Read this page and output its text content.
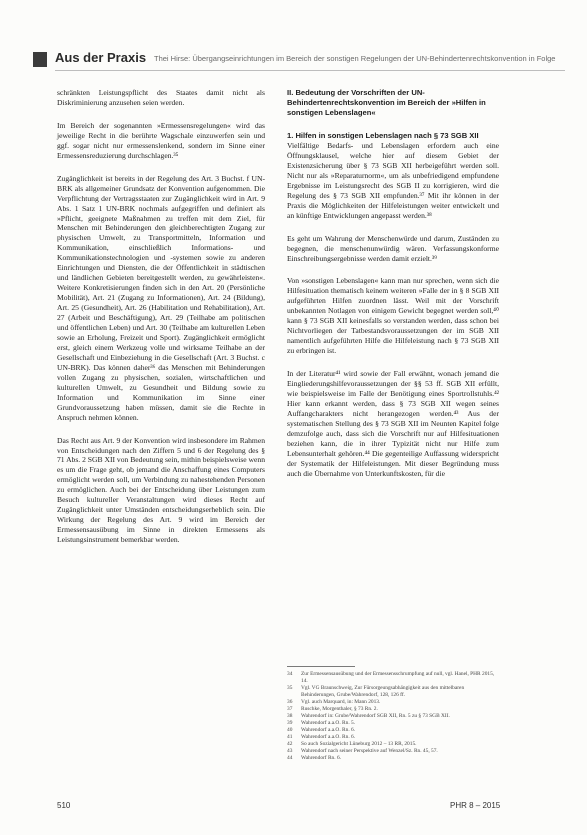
Aus der Praxis Thei Hirse: Übergangseinrichtungen im Bereich der sonstigen Regelungen der UN-Behindertenrechtskonvention in Folge

schränkten Leistungspflicht des Staates damit nicht als Diskriminierung anzusehen seien werden.

Im Bereich der sogenannten »Ermessensregelungen« wird das jeweilige Recht in die berührte Wagschale einzuwerfen sein und ggf. sogar nicht nur ermessenslenkend, sondern im Sinne einer Ermessensreduzierung durchschlagen.³⁵

Zugänglichkeit ist bereits in der Regelung des Art. 3 Buchst. f UN-BRK als allgemeiner Grundsatz der Konvention aufgenommen. Die Verpflichtung der Vertragsstaaten zur Zugänglichkeit wird in Art. 9 Abs. 1 Satz 1 UN-BRK nochmals aufgegriffen und definiert als »Pflicht, geeignete Maßnahmen zu treffen mit dem Ziel, für Menschen mit Behinderungen den gleichberechtigten Zugang zur physischen Umwelt, zu Transportmitteln, Information und Kommunikation, einschließlich Informations- und Kommunikationstechnologien und -systemen sowie zu anderen Einrichtungen und Diensten, die der Öffentlichkeit in städtischen und ländlichen Gebieten bereitgestellt werden, zu gewährleisten«. Weitere Konkretisierungen finden sich in den Art. 20 (Persönliche Mobilität), Art. 21 (Zugang zu Informationen), Art. 24 (Bildung), Art. 25 (Gesundheit), Art. 26 (Habilitation und Rehabilitation), Art. 27 (Arbeit und Beschäftigung), Art. 29 (Teilhabe am politischen und öffentlichen Leben) und Art. 30 (Teilhabe am kulturellen Leben sowie an Erholung, Freizeit und Sport). Zugänglichkeit ermöglicht erst, gleich einem Werkzeug volle und wirksame Teilhabe an der Gesellschaft und Einbeziehung in die Gesellschaft (Art. 3 Buchst. c UN-BRK). Das können daher³⁶ das Menschen mit Behinderungen vollen Zugang zu physischen, sozialen, wirtschaftlichen und kulturellen Umwelt, zu Gesundheit und Bildung sowie zu Information und Kommunikation im Sinne einer Grundvoraussetzung haben müssen, damit sie die Rechte in Anspruch nehmen können.

Das Recht aus Art. 9 der Konvention wird insbesondere im Rahmen von Entscheidungen nach den Ziffern 5 und 6 der Regelung des § 71 Abs. 2 SGB XII von Bedeutung sein, mithin beispielsweise wenn es um die Frage geht, ob jemand die Anschaffung eines Computers ermöglicht werden soll, um Verbindung zu nahestehenden Personen zu ermöglichen. Auch bei der Entscheidung über Leistungen zum Besuch kultureller Veranstaltungen wird dieses Recht auf Zugänglichkeit unter Umständen entscheidungserheblich sein. Die Wirkung der Regelung des Art. 9 wird im Bereich der Ermessensausübung im Sinne in direkten Ermessens als Leistungsinstrument bemerkbar werden.

II. Bedeutung der Vorschriften der UN-Behindertenrechtskonvention im Bereich der »Hilfen in sonstigen Lebenslagen«
1. Hilfen in sonstigen Lebenslagen nach § 73 SGB XII

Vielfältige Bedarfs- und Lebenslagen erfordern auch eine Öffnungsklausel, welche hier auf diesem Gebiet der Existenzsicherung über § 73 SGB XII herbeigeführt werden soll. Nicht nur als »Reparaturnorm«, um als unbefriedigend empfundene Ergebnisse im Leistungsrecht des SGB II zu korrigieren, wird die Regelung des § 73 SGB XII empfunden.³⁷ Mit ihr können in der Praxis die Möglichkeiten der Hilfeleistungen weiter entwickelt und an künftige Entwicklungen angepasst werden.³⁸

Es geht um Wahrung der Menschenwürde und darum, Zuständen zu begegnen, die menschenunwürdig wären. Verfassungskonforme Einschreibungsergebnisse werden damit erzielt.³⁹

Von »sonstigen Lebenslagen« kann man nur sprechen, wenn sich die Hilfesituation thematisch keinem weiteren »Falle der in § 8 SGB XII aufgeführten Hilfen zuordnen lässt. Weil mit der Vorschrift unbekannten Notlagen von einigem Gewicht begegnet werden soll,⁴⁰ kann § 73 SGB XII keinesfalls so verstanden werden, dass schon bei Nichtvorliegen der Tatbestandsvoraussetzungen der im SGB XII namentlich aufgeführten Hilfe die Hilfeleistung nach § 73 SGB XII zu erbringen ist.

In der Literatur⁴¹ wird sowie der Fall erwähnt, wonach jemand die Eingliederungshilfevoraussetzungen der §§ 53 ff. SGB XII erfüllt, wie beispielsweise im Falle der Benötigung eines Sportrollstuhls.⁴² Hier kann erkannt werden, dass § 73 SGB XII wegen seines Auffangcharakters nicht herangezogen werden.⁴³ Aus der systematischen Stellung des § 73 SGB XII im Neunten Kapitel folge demzufolge auch, dass sich die Vorschrift nur auf Hilfesituationen beziehen kann, die in ihrer Typizität nicht nur Hilfe zum Lebensunterhalt gehören.⁴⁴ Die gegenteilige Auffassung widerspricht der Systematik der Hilfeleistungen. Mit dieser Begründung muss auch die Übernahme von Unterkunftskosten, für die

34	Zur Ermessensausübung und der Ermessensschrumpfung auf null, vgl. Hanel, PHR 2015, 14.
35	Vgl. VG Braunschweig, Zur Fürsorgeungsabhängigkeit aus den mittelbaren Behinderungen, Grube/Wahrendorf, 128, 126 ff.
36	Vgl. auch Marquard, in: Mann 2013.
37	Ruschke, Morgenthaler, § 73 Rn. 2.
38	Wahrendorf in: Grube/Wahrendorf SGB XII, Rn. 5 zu § 73 SGB XII.
39	Wahrendorf a.a.O. Rn. 5.
40	Wahrendorf a.a.O. Rn. 6.
41	Wahrendorf a.a.O. Rn. 6.
42	So auch Sozialgericht Lüneburg 2012 – 13 RR, 2015.
43	Wahrendorf nach seiner Perspektive auf Wenzel/Sz. Rn. 45, 57.
44	Wahrendorf Rn. 6.
510	PHR 8 – 2015
